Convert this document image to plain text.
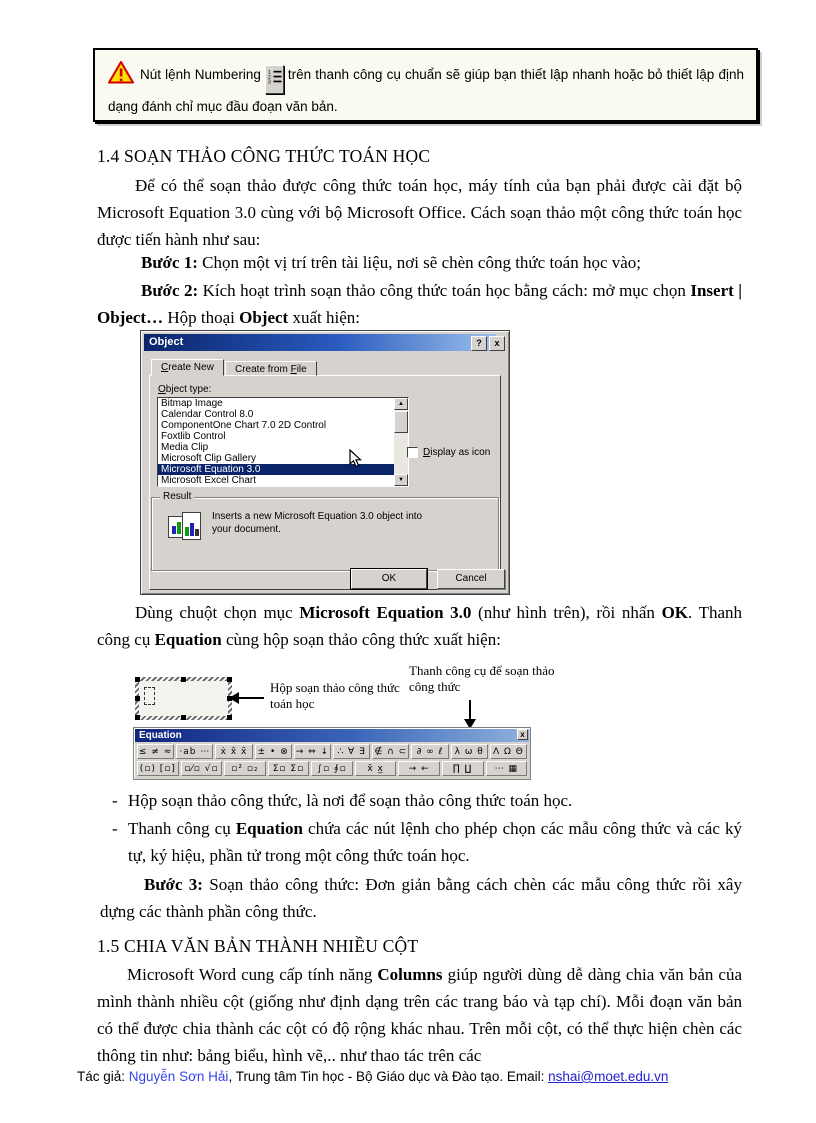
Nút lệnh Numbering 1
2
3
trên thanh công cụ chuẩn sẽ giúp bạn thiết lập nhanh hoặc bỏ thiết lập định dạng đánh chỉ mục đầu đoạn văn bản.
1.4 SOẠN THẢO CÔNG THỨC TOÁN HỌC

Để có thể soạn thảo được công thức toán học, máy tính của bạn phải được cài đặt bộ Microsoft Equation 3.0 cùng với bộ Microsoft Office. Cách soạn thảo một công thức toán học được tiến hành như sau:

Bước 1: Chọn một vị trí trên tài liệu, nơi sẽ chèn công thức toán học vào;

Bước 2: Kích hoạt trình soạn thảo công thức toán học bằng cách: mở mục chọn Insert | Object… Hộp thoại Object xuất hiện:

Object	?	x
Create New	Create from File
Object type:
Bitmap Image
Calendar Control 8.0
ComponentOne Chart 7.0 2D Control
Foxtlib Control
Media Clip
Microsoft Clip Gallery
Microsoft Equation 3.0
Microsoft Excel Chart
▲
▼
Display as icon
Result
Inserts a new Microsoft Equation 3.0 object into your document.
OK	Cancel

Dùng chuột chọn mục Microsoft Equation 3.0 (như hình trên), rồi nhấn OK. Thanh công cụ Equation cùng hộp soạn thảo công thức xuất hiện:

Hộp soạn thảo công thức toán học
Thanh công cụ để soạn thảo công thức
Equation	x
≤ ≠ ≈ ·ab ⋯	ẋ x̂ x̃	± • ⊗ → ⇔ ↓ ∴ ∀ ∃ ∉ ∩ ⊂	∂ ∞ ℓ	λ ω θ	Λ Ω Θ
(▫) [▫] ▫⁄▫ √▫	▫² ▫₂	Σ▫ Σ▫	∫▫ ∮▫	x̄ x̲	→ ←	∏ ∐	⋯ ▦
- Hộp soạn thảo công thức, là nơi để soạn thảo công thức toán học.
- Thanh công cụ Equation chứa các nút lệnh cho phép chọn các mẫu công thức và các ký tự, ký hiệu, phần tử trong một công thức toán học.

Bước 3: Soạn thảo công thức: Đơn giản bằng cách chèn các mẫu công thức rồi xây dựng các thành phần công thức.

1.5 CHIA VĂN BẢN THÀNH NHIỀU CỘT

Microsoft Word cung cấp tính năng Columns giúp người dùng dễ dàng chia văn bản của mình thành nhiều cột (giống như định dạng trên các trang báo và tạp chí). Mỗi đoạn văn bản có thể được chia thành các cột có độ rộng khác nhau. Trên mỗi cột, có thể thực hiện chèn các thông tin như: bảng biểu, hình vẽ,.. như thao tác trên các

Tác giả: Nguyễn Sơn Hải, Trung tâm Tin học - Bộ Giáo dục và Đào tạo. Email: nshai@moet.edu.vn
